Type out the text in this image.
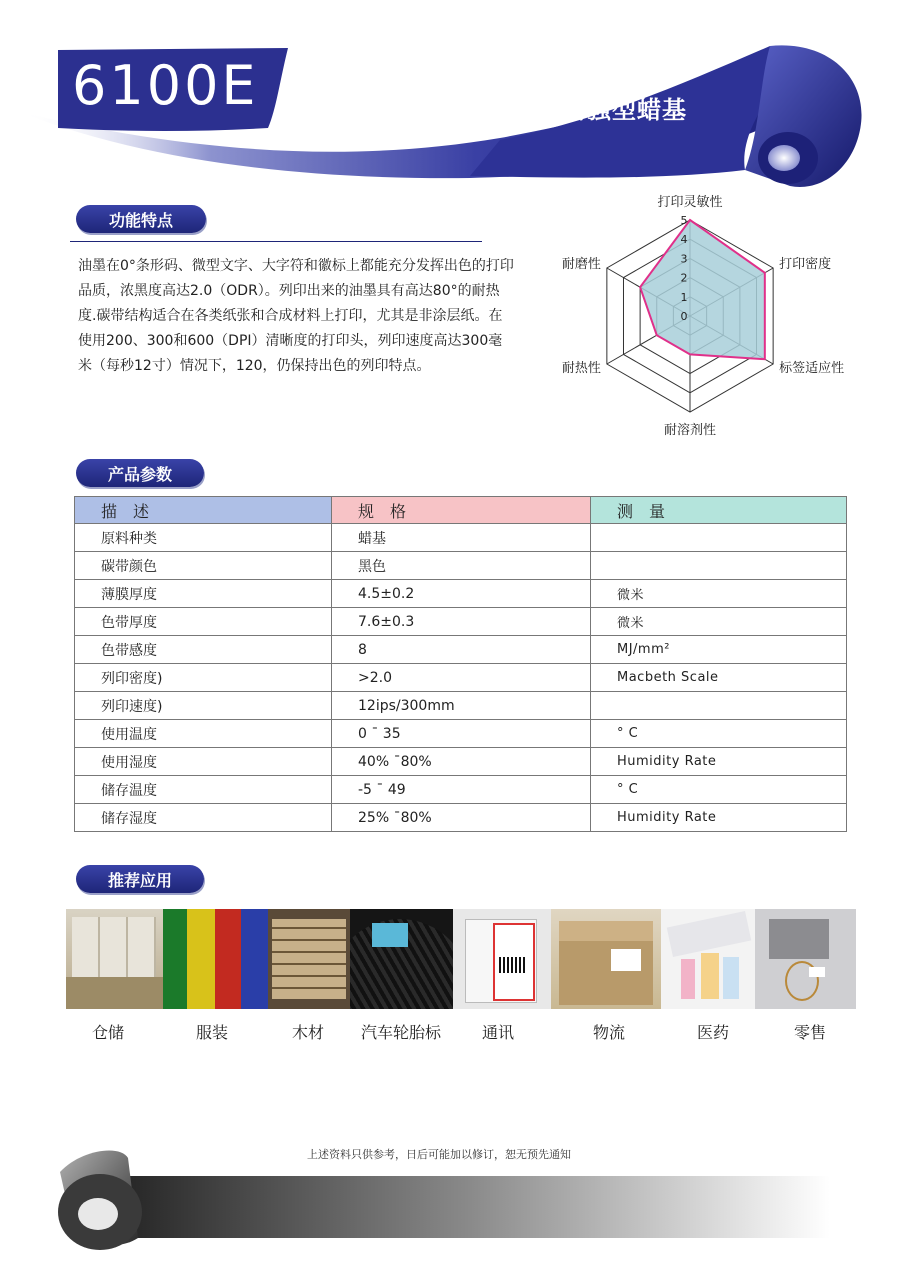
6100E	增强型蜡基
功能特点
油墨在0°条形码、微型文字、大字符和徽标上都能充分发挥出色的打印品质，浓黑度高达2.0（ODR）。列印出来的油墨具有高达80°的耐热度.碳带结构适合在各类纸张和合成材料上打印，尤其是非涂层纸。在使用200、300和600（DPI）清晰度的打印头，列印速度高达300毫米（每秒12寸）情况下，120，仍保持出色的列印特点。
0
1
2
3
4
5
打印灵敏性
打印密度
标签适应性
耐溶剂性
耐热性
耐磨性
产品参数
描　述	规　格	测　量
原料种类	蜡基	
碳带颜色	黑色	
薄膜厚度	4.5±0.2	微米
色带厚度	7.6±0.3	微米
色带感度	8	MJ/mm²
列印密度)	>2.0	Macbeth Scale
列印速度)	12ips/300mm	
使用温度	0 ¯ 35	° C
使用湿度	40% ¯80%	Humidity Rate
储存温度	-5 ¯ 49	° C
储存湿度	25% ¯80%	Humidity Rate
推荐应用
仓储	服装	木材	汽车轮胎标	通讯	物流	医药	零售
上述资料只供参考，日后可能加以修订，恕无预先通知
